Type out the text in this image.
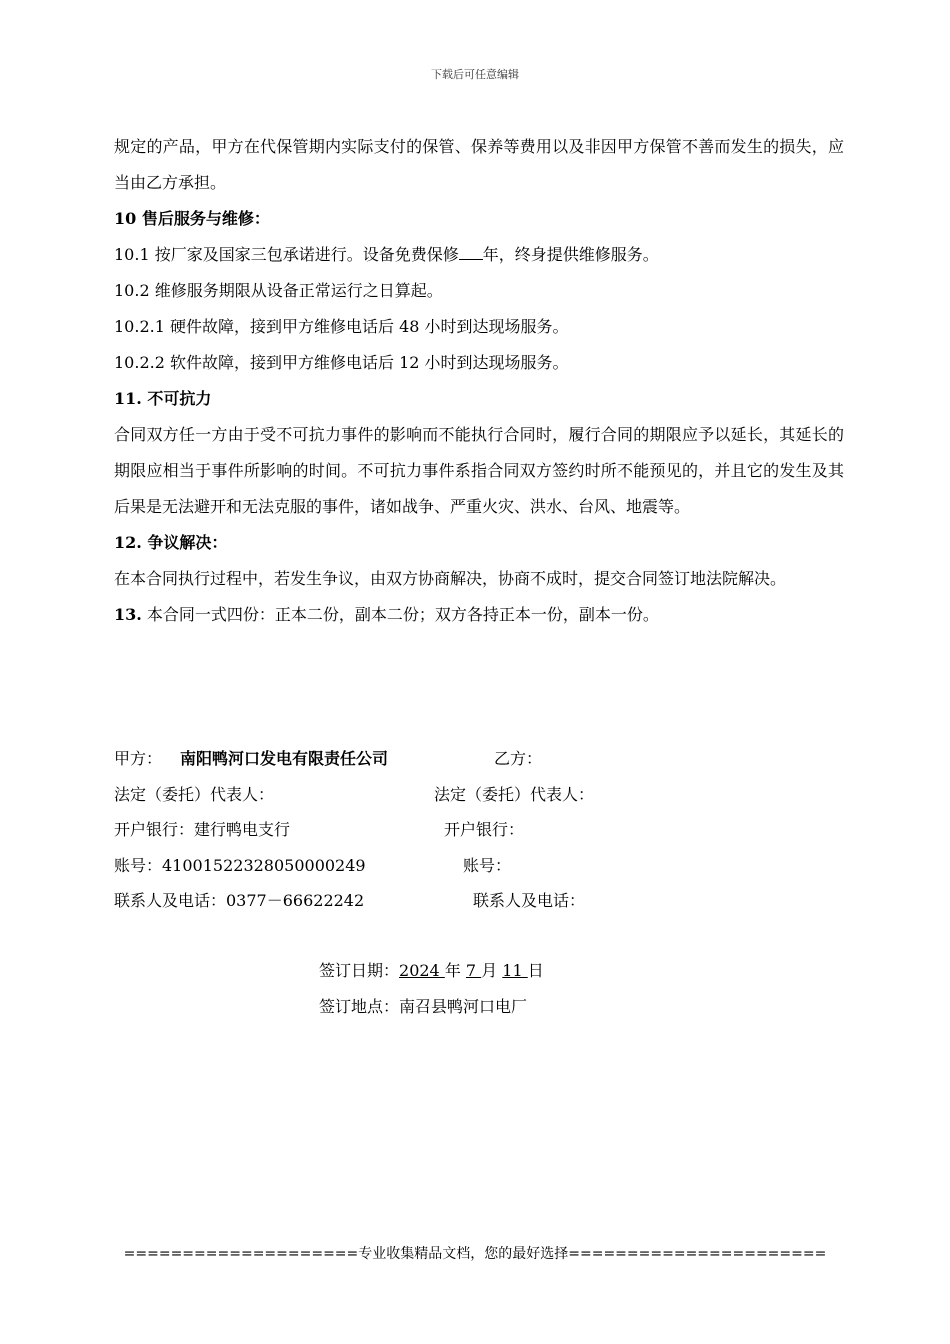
下载后可任意编辑

规定的产品，甲方在代保管期内实际支付的保管、保养等费用以及非因甲方保管不善而发生的损失，应当由乙方承担。

10 售后服务与维修：

10.1 按厂家及国家三包承诺进行。设备免费保修 年，终身提供维修服务。

10.2 维修服务期限从设备正常运行之日算起。

10.2.1 硬件故障，接到甲方维修电话后 48 小时到达现场服务。

10.2.2 软件故障，接到甲方维修电话后 12 小时到达现场服务。

11. 不可抗力

合同双方任一方由于受不可抗力事件的影响而不能执行合同时，履行合同的期限应予以延长，其延长的期限应相当于事件所影响的时间。不可抗力事件系指合同双方签约时所不能预见的，并且它的发生及其后果是无法避开和无法克服的事件，诸如战争、严重火灾、洪水、台风、地震等。

12. 争议解决：

在本合同执行过程中，若发生争议，由双方协商解决，协商不成时，提交合同签订地法院解决。

13. 本合同一式四份：正本二份，副本二份；双方各持正本一份，副本一份。

甲方： 南阳鸭河口发电有限责任公司	乙方：
法定（委托）代表人：	法定（委托）代表人：
开户银行：建行鸭电支行	开户银行：
账号：41001522328050000249	账号：
联系人及电话：0377－66622242	联系人及电话：
签订日期：2024 年 7 月 11 日
签订地点：南召县鸭河口电厂
====================专业收集精品文档，您的最好选择======================
